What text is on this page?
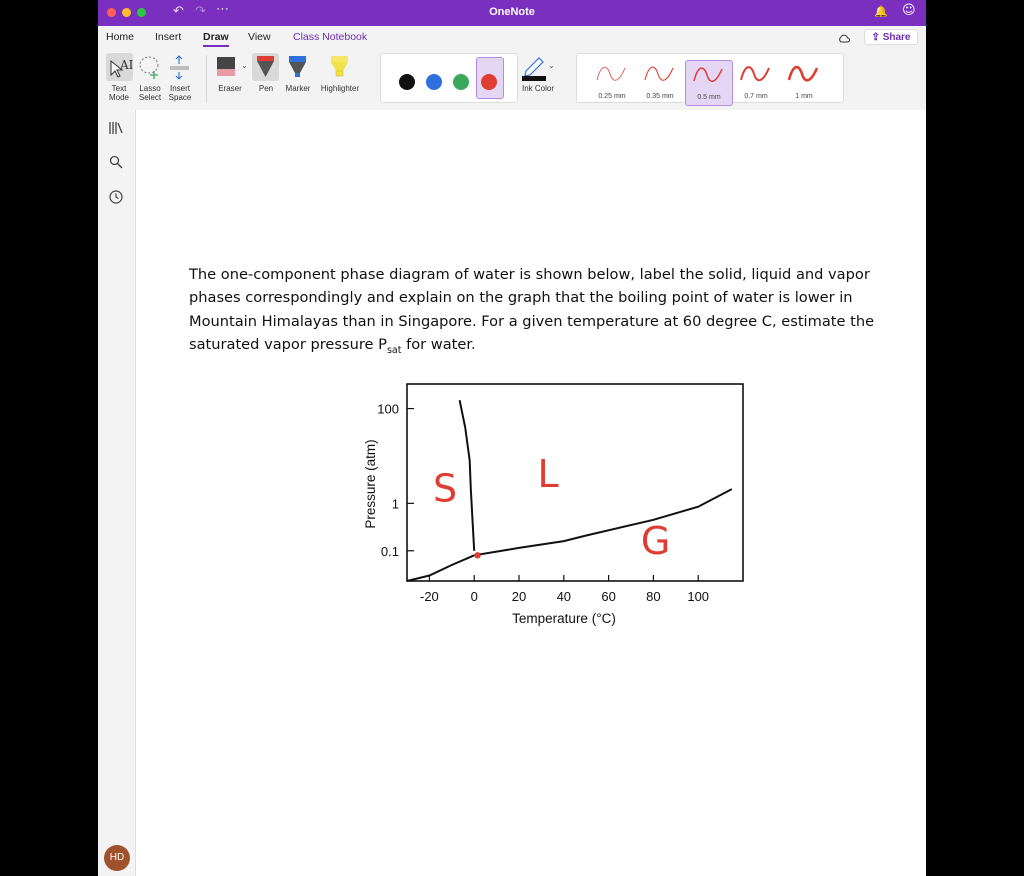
↶ ↷ ⋯	OneNote	🔔 ☺
Home Insert Draw View Class Notebook	⇪ Share
AI
Text Mode
Lasso Select
Insert Space
⌄
Eraser	Pen	Marker	Highlighter
⌄
Ink Color
0.25 mm	0.35 mm	0.5 mm	0.7 mm	1 mm
HD
The one-component phase diagram of water is shown below, label the solid, liquid and vapor phases correspondingly and explain on the graph that the boiling point of water is lower in Mountain Himalayas than in Singapore. For a given temperature at 60 degree C, estimate the saturated vapor pressure $P_{sat}$ for water.
-20 0	20 40 60 80 100
100
1
0.1
S L
G
Temperature (°C)
Pressure (atm)
